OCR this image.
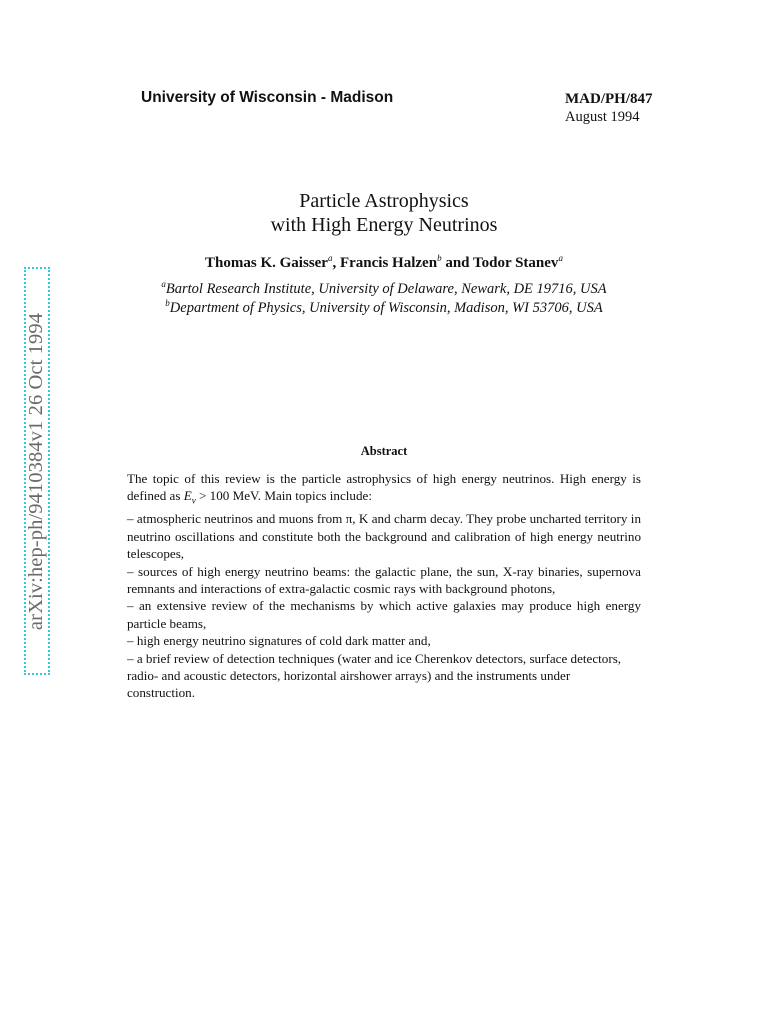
arXiv:hep-ph/9410384v1 26 Oct 1994
University of Wisconsin - Madison	MAD/PH/847
August 1994
Particle Astrophysics
with High Energy Neutrinos
Thomas K. Gaisser$^a$, Francis Halzen$^b$ and Todor Stanev$^a$
$^a$Bartol Research Institute, University of Delaware, Newark, DE 19716, USA
$^b$Department of Physics, University of Wisconsin, Madison, WI 53706, USA
Abstract

The topic of this review is the particle astrophysics of high energy neutrinos. High energy is defined as $E_\nu > 100$ MeV. Main topics include:

– atmospheric neutrinos and muons from π, K and charm decay. They probe uncharted territory in neutrino oscillations and constitute both the background and calibration of high energy neutrino telescopes,

– sources of high energy neutrino beams: the galactic plane, the sun, X-ray binaries, supernova remnants and interactions of extra-galactic cosmic rays with background photons,

– an extensive review of the mechanisms by which active galaxies may produce high energy particle beams,

– high energy neutrino signatures of cold dark matter and,

– a brief review of detection techniques (water and ice Cherenkov detectors, surface detectors, radio- and acoustic detectors, horizontal airshower arrays) and the instruments under construction.
